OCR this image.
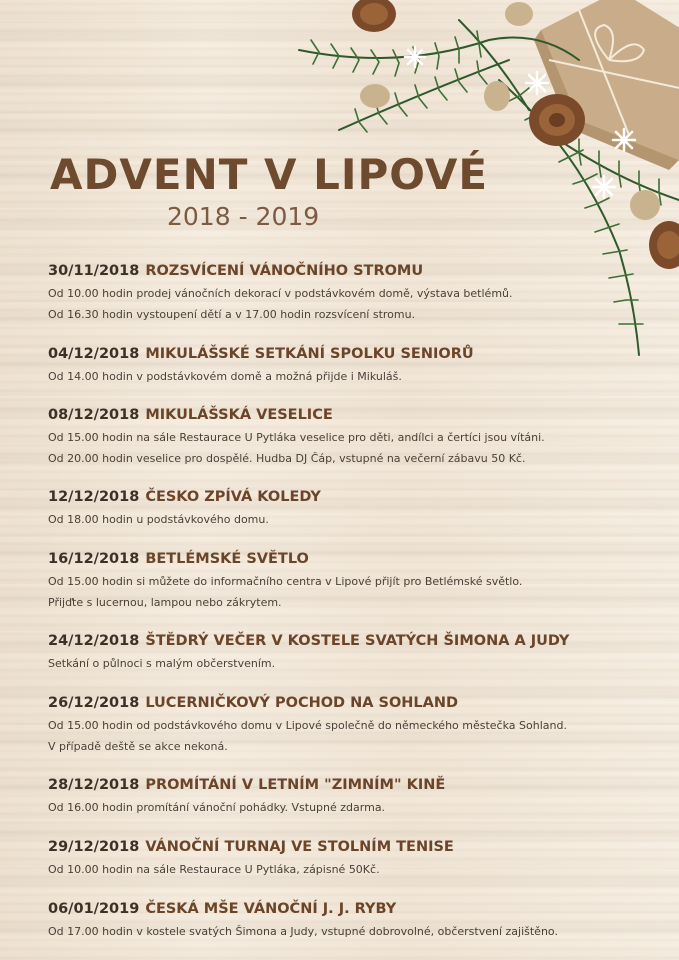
ADVENT V LIPOVÉ
2018 - 2019
30/11/2018 ROZSVÍCENÍ VÁNOČNÍHO STROMU
Od 10.00 hodin prodej vánočních dekorací v podstávkovém domě, výstava betlémů.
Od 16.30 hodin vystoupení dětí a v 17.00 hodin rozsvícení stromu.
04/12/2018 MIKULÁŠSKÉ SETKÁNÍ SPOLKU SENIORŮ
Od 14.00 hodin v podstávkovém domě a možná přijde i Mikuláš.
08/12/2018 MIKULÁŠSKÁ VESELICE
Od 15.00 hodin na sále Restaurace U Pytláka veselice pro děti, andílci a čertíci jsou vítáni.
Od 20.00 hodin veselice pro dospělé. Hudba DJ Čáp, vstupné na večerní zábavu 50 Kč.
12/12/2018 ČESKO ZPÍVÁ KOLEDY
Od 18.00 hodin u podstávkového domu.
16/12/2018 BETLÉMSKÉ SVĚTLO
Od 15.00 hodin si můžete do informačního centra v Lipové přijít pro Betlémské světlo.
Přijďte s lucernou, lampou nebo zákrytem.
24/12/2018 ŠTĚDRÝ VEČER V KOSTELE SVATÝCH ŠIMONA A JUDY
Setkání o půlnoci s malým občerstvením.
26/12/2018 LUCERNIČKOVÝ POCHOD NA SOHLAND
Od 15.00 hodin od podstávkového domu v Lipové společně do německého městečka Sohland.
V případě deště se akce nekoná.
28/12/2018 PROMÍTÁNÍ V LETNÍM "ZIMNÍM" KINĚ
Od 16.00 hodin promítání vánoční pohádky. Vstupné zdarma.
29/12/2018 VÁNOČNÍ TURNAJ VE STOLNÍM TENISE
Od 10.00 hodin na sále Restaurace U Pytláka, zápisné 50Kč.
06/01/2019 ČESKÁ MŠE VÁNOČNÍ J. J. RYBY
Od 17.00 hodin v kostele svatých Šimona a Judy, vstupné dobrovolné, občerstvení zajištěno.
